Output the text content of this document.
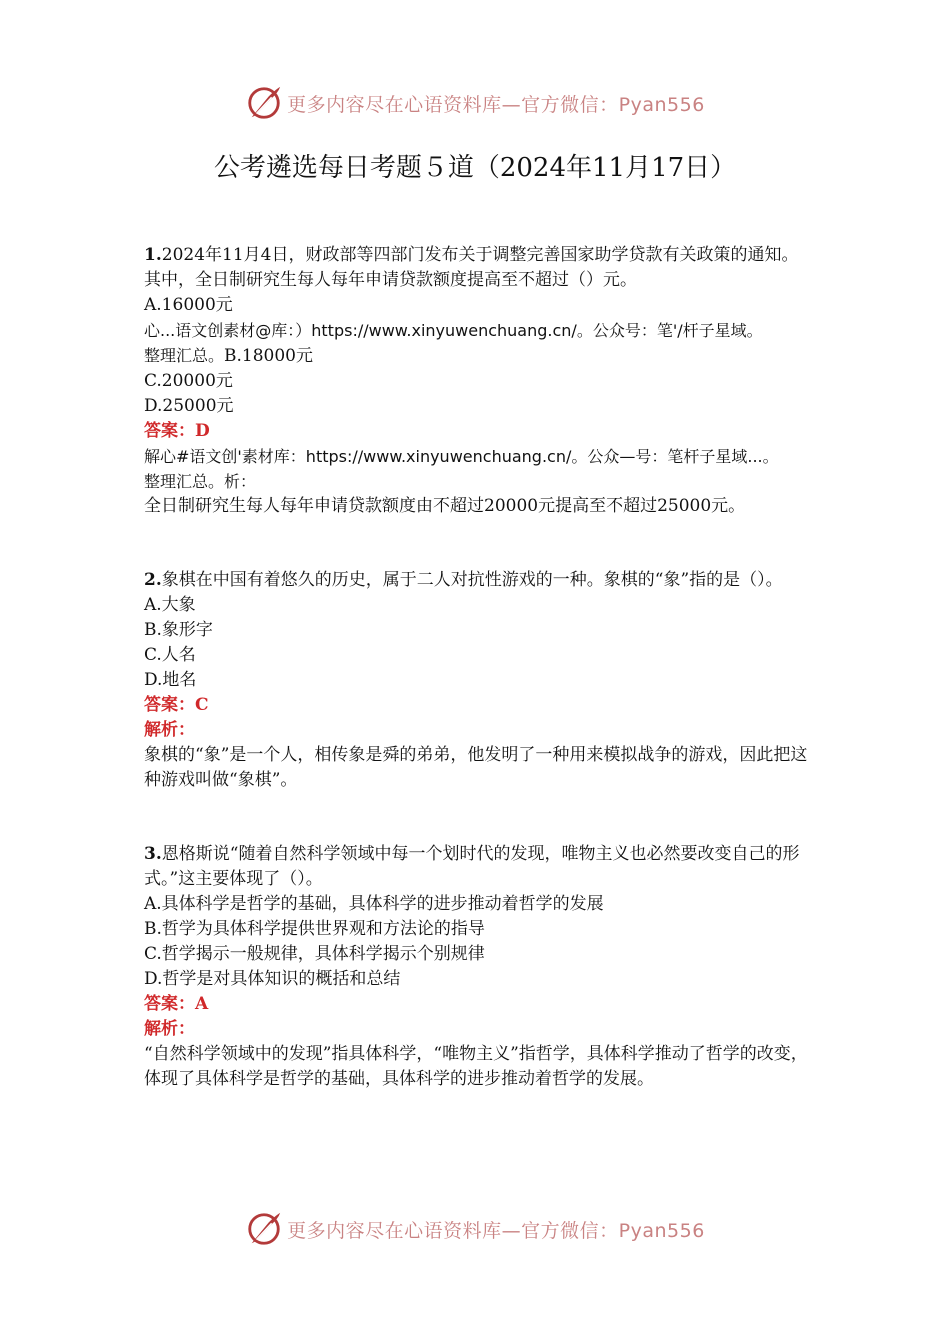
更多内容尽在心语资料库—官方微信：Pyan556
公考遴选每日考题５道（2024年11月17日）

1.2024年11月4日，财政部等四部门发布关于调整完善国家助学贷款有关政策的通知。其中，全日制研究生每人每年申请贷款额度提高至不超过（）元。

A.16000元

心...语文创素材@库：）https://www.xinyuwenchuang.cn/。公众号：笔'/杆子星域。

整理汇总。B.18000元

C.20000元

D.25000元

答案：D

解心#语文创'素材库：https://www.xinyuwenchuang.cn/。公众—号：笔杆子星域...。

整理汇总。析：

全日制研究生每人每年申请贷款额度由不超过20000元提高至不超过25000元。

2.象棋在中国有着悠久的历史，属于二人对抗性游戏的一种。象棋的“象”指的是（）。

A.大象

B.象形字

C.人名

D.地名

答案：C

解析：

象棋的“象”是一个人，相传象是舜的弟弟，他发明了一种用来模拟战争的游戏，因此把这种游戏叫做“象棋”。

3.恩格斯说“随着自然科学领域中每一个划时代的发现，唯物主义也必然要改变自己的形式。”这主要体现了（）。

A.具体科学是哲学的基础，具体科学的进步推动着哲学的发展

B.哲学为具体科学提供世界观和方法论的指导

C.哲学揭示一般规律，具体科学揭示个别规律

D.哲学是对具体知识的概括和总结

答案：A

解析：

“自然科学领域中的发现”指具体科学，“唯物主义”指哲学，具体科学推动了哲学的改变，体现了具体科学是哲学的基础，具体科学的进步推动着哲学的发展。

更多内容尽在心语资料库—官方微信：Pyan556
